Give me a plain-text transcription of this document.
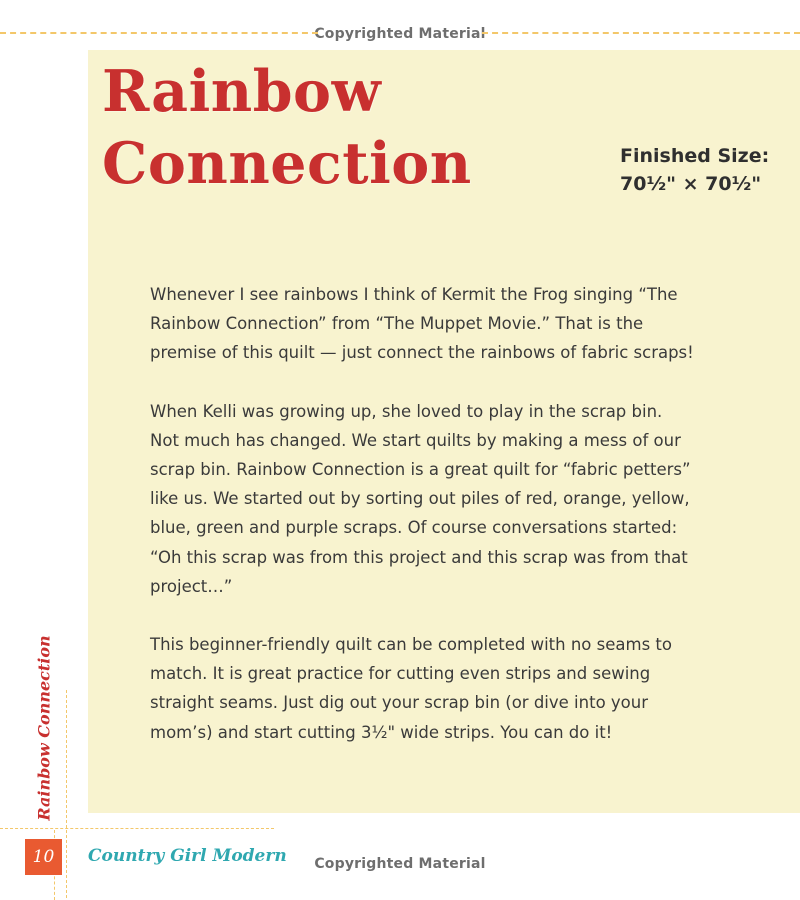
Copyrighted Material
Rainbow
Connection	Finished Size:
70½" × 70½"

Whenever I see rainbows I think of Kermit the Frog singing “The Rainbow Connection” from “The Muppet Movie.” That is the premise of this quilt — just connect the rainbows of fabric scraps!

When Kelli was growing up, she loved to play in the scrap bin. Not much has changed. We start quilts by making a mess of our scrap bin. Rainbow Connection is a great quilt for “fabric petters” like us. We started out by sorting out piles of red, orange, yellow, blue, green and purple scraps. Of course conversations started: “Oh this scrap was from this project and this scrap was from that project…”

This beginner-friendly quilt can be completed with no seams to match. It is great practice for cutting even strips and sewing straight seams. Just dig out your scrap bin (or dive into your mom’s) and start cutting 3½" wide strips. You can do it!

Rainbow Connection
10	Country Girl Modern	Copyrighted Material
